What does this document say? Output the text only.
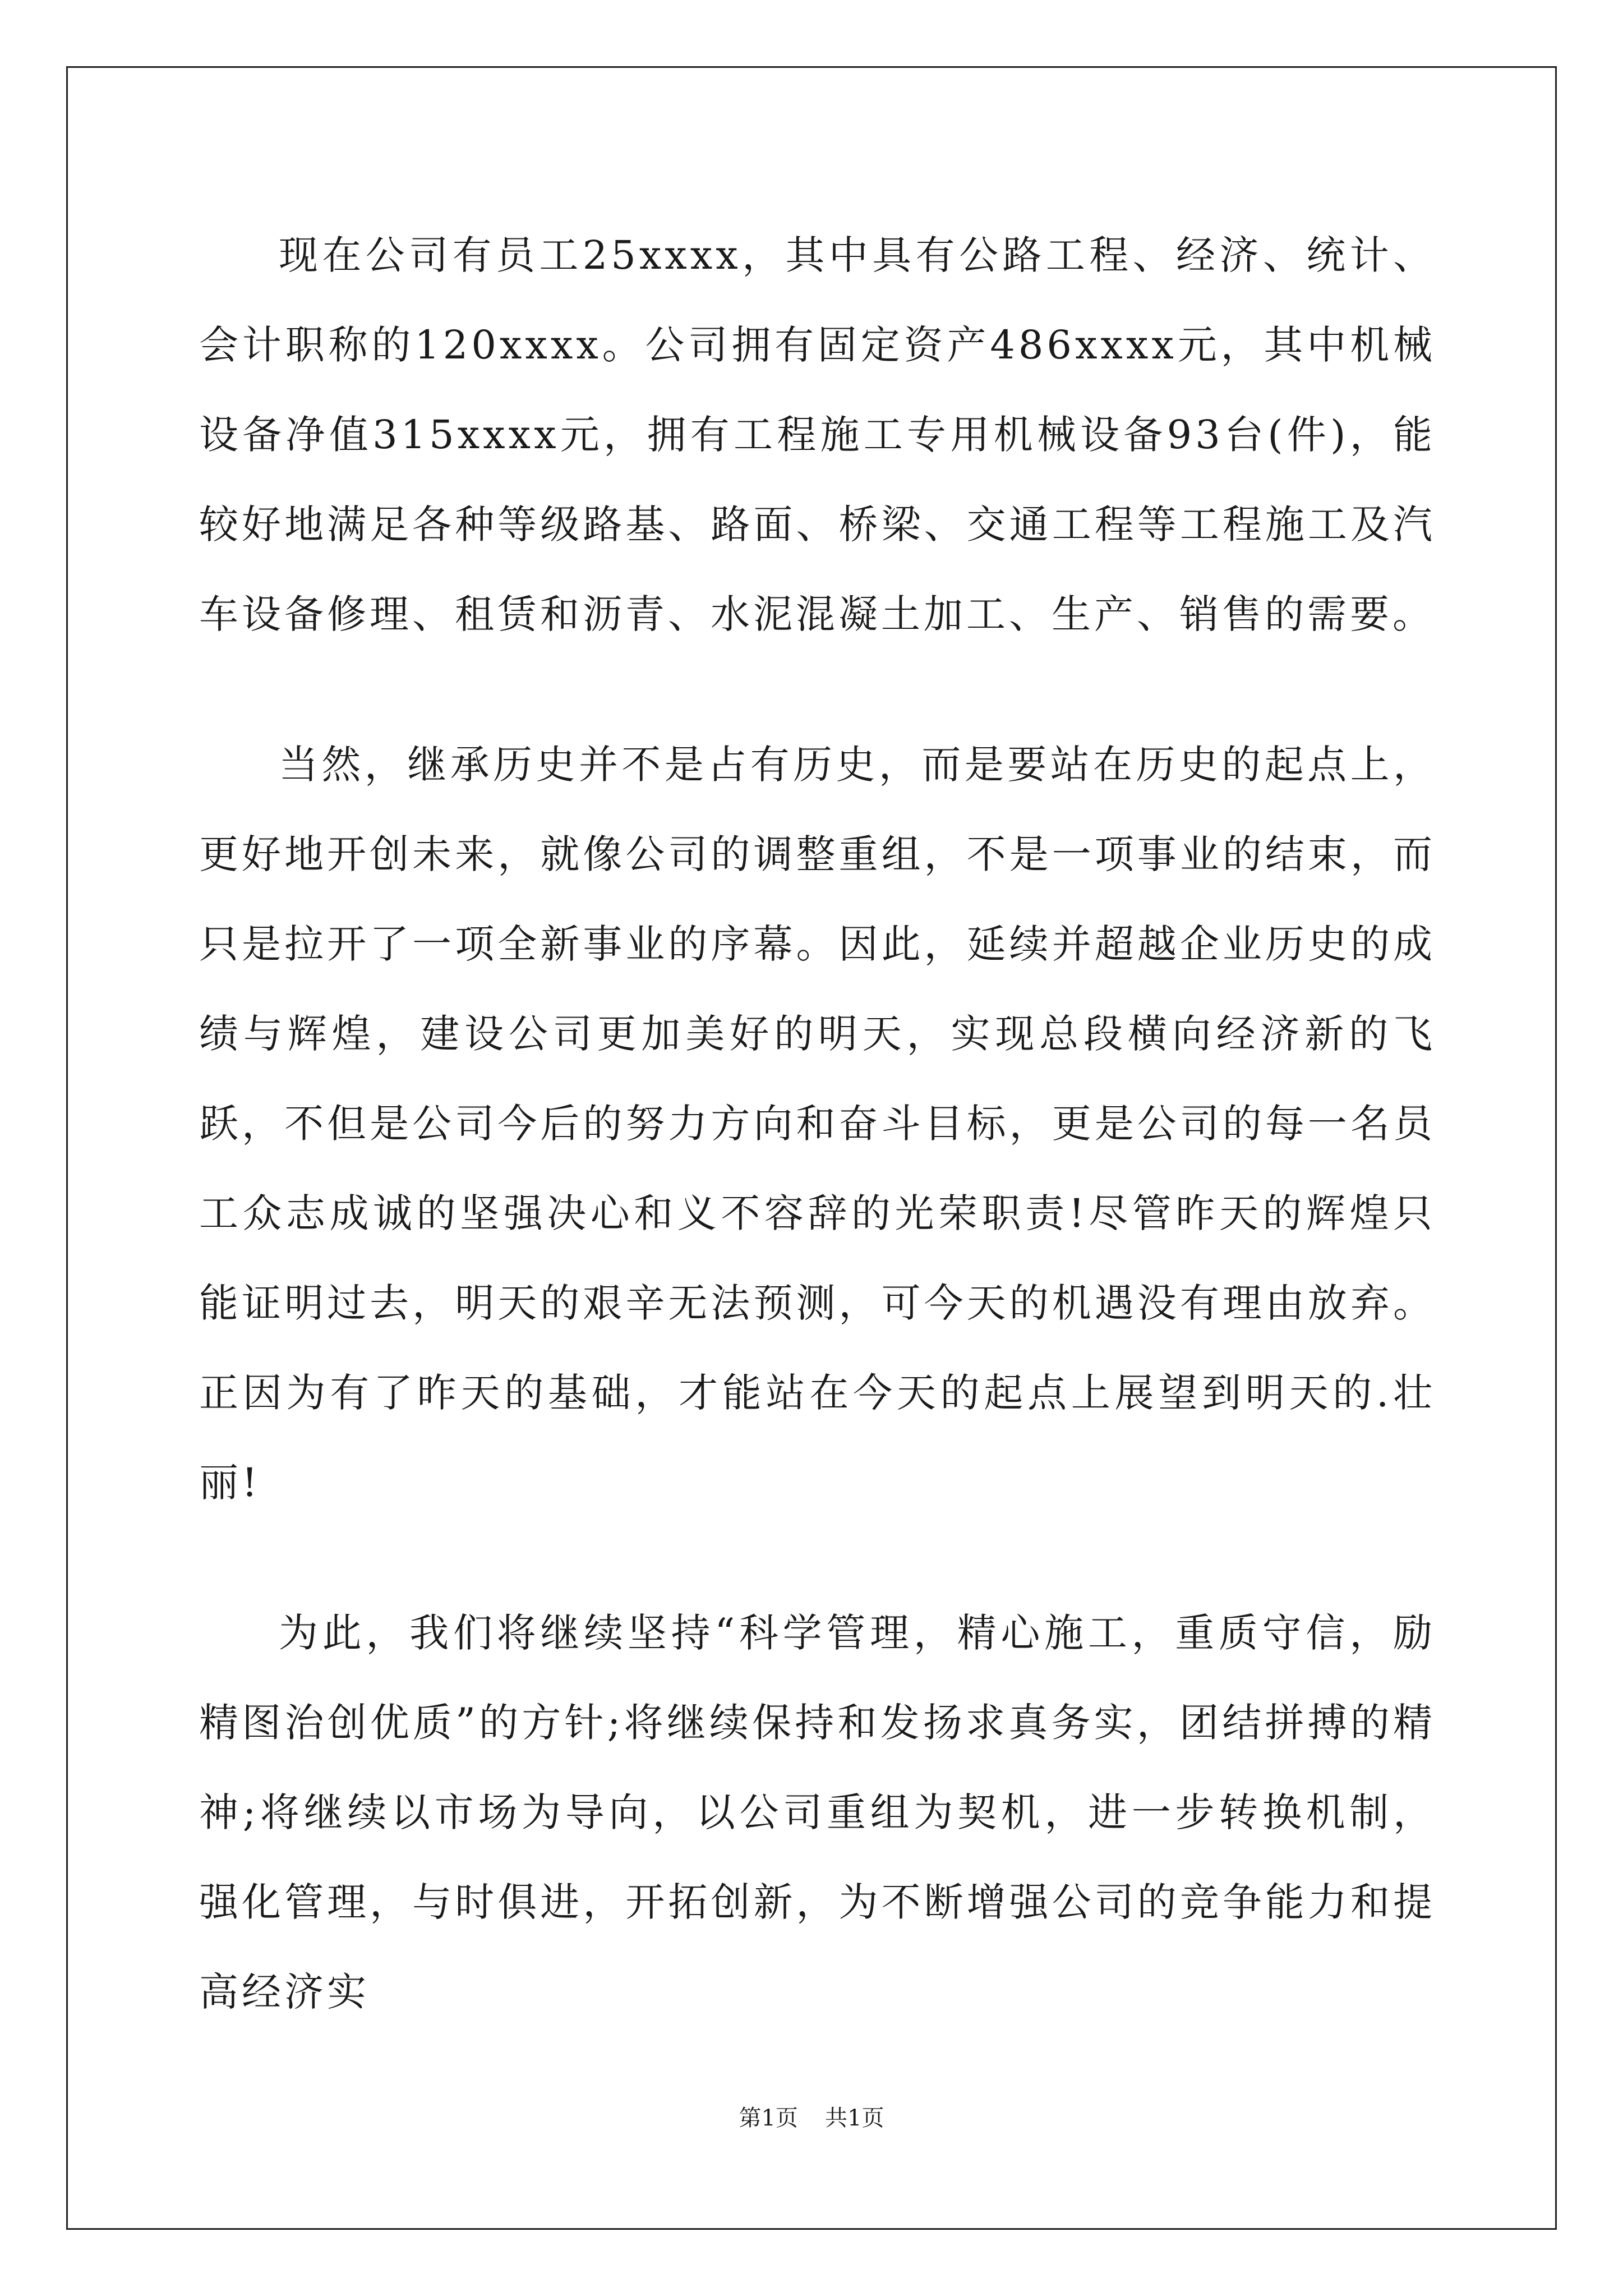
现在公司有员工25xxxx，其中具有公路工程、经济、统计、会计职称的120xxxx。公司拥有固定资产486xxxx元，其中机械设备净值315xxxx元，拥有工程施工专用机械设备93台(件)，能较好地满足各种等级路基、路面、桥梁、交通工程等工程施工及汽车设备修理、租赁和沥青、水泥混凝土加工、生产、销售的需要。

当然，继承历史并不是占有历史，而是要站在历史的起点上，更好地开创未来，就像公司的调整重组，不是一项事业的结束，而只是拉开了一项全新事业的序幕。因此，延续并超越企业历史的成绩与辉煌，建设公司更加美好的明天，实现总段横向经济新的飞跃，不但是公司今后的努力方向和奋斗目标，更是公司的每一名员工众志成诚的坚强决心和义不容辞的光荣职责!尽管昨天的辉煌只能证明过去，明天的艰辛无法预测，可今天的机遇没有理由放弃。正因为有了昨天的基础，才能站在今天的起点上展望到明天的.壮丽!

为此，我们将继续坚持“科学管理，精心施工，重质守信，励精图治创优质”的方针;将继续保持和发扬求真务实，团结拼搏的精神;将继续以市场为导向，以公司重组为契机，进一步转换机制，强化管理，与时俱进，开拓创新，为不断增强公司的竞争能力和提高经济实

第1页 共1页
